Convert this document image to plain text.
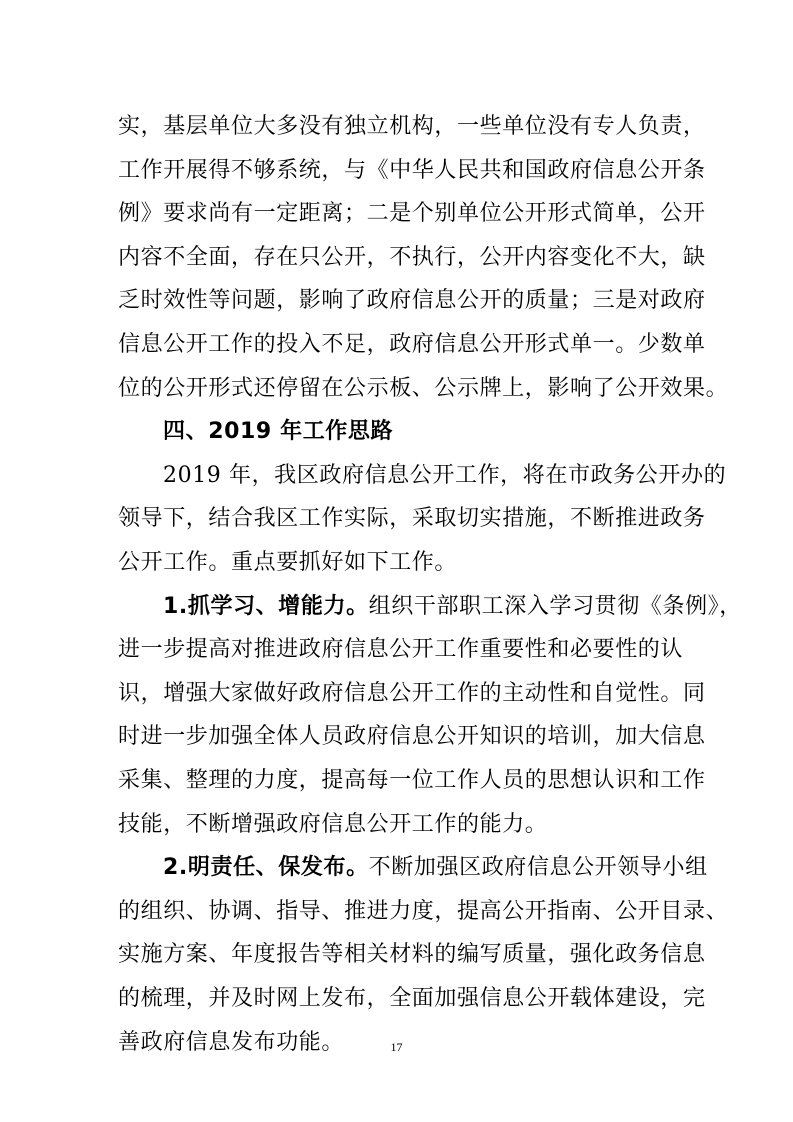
实，基层单位大多没有独立机构，一些单位没有专人负责，
工作开展得不够系统，与《中华人民共和国政府信息公开条
例》要求尚有一定距离；二是个别单位公开形式简单，公开
内容不全面，存在只公开，不执行，公开内容变化不大，缺
乏时效性等问题，影响了政府信息公开的质量；三是对政府
信息公开工作的投入不足，政府信息公开形式单一。少数单
位的公开形式还停留在公示板、公示牌上，影响了公开效果。
四、2019 年工作思路
2019 年，我区政府信息公开工作，将在市政务公开办的
领导下，结合我区工作实际，采取切实措施，不断推进政务
公开工作。重点要抓好如下工作。
1.抓学习、增能力。组织干部职工深入学习贯彻《条例》，
进一步提高对推进政府信息公开工作重要性和必要性的认
识，增强大家做好政府信息公开工作的主动性和自觉性。同
时进一步加强全体人员政府信息公开知识的培训，加大信息
采集、整理的力度，提高每一位工作人员的思想认识和工作
技能，不断增强政府信息公开工作的能力。
2.明责任、保发布。不断加强区政府信息公开领导小组
的组织、协调、指导、推进力度，提高公开指南、公开目录、
实施方案、年度报告等相关材料的编写质量，强化政务信息
17
的梳理，并及时网上发布，全面加强信息公开载体建设，完
善政府信息发布功能。
